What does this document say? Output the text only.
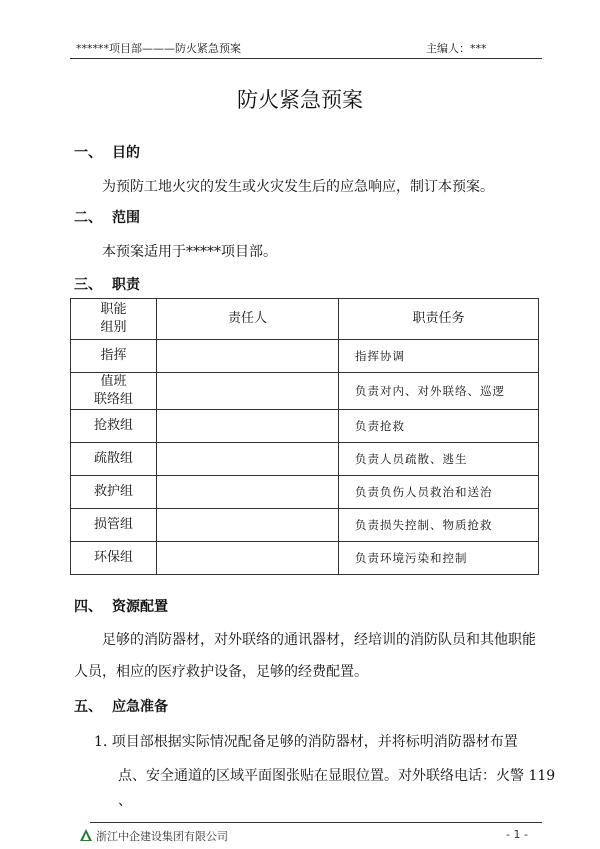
******项目部———防火紧急预案	主编人：***
防火紧急预案
一、 目的
为预防工地火灾的发生或火灾发生后的应急响应，制订本预案。
二、 范围
本预案适用于*****项目部。
三、 职责
职能
组别	责任人	职责任务
指挥		指挥协调

值班
联络组		负责对内、对外联络、巡逻
抢救组		负责抢救
疏散组		负责人员疏散、逃生
救护组		负责负伤人员救治和送治
损管组		负责损失控制、物质抢救
环保组		负责环境污染和控制
四、 资源配置
足够的消防器材，对外联络的通讯器材，经培训的消防队员和其他职能
人员，相应的医疗救护设备，足够的经费配置。
五、 应急准备
1. 项目部根据实际情况配备足够的消防器材，并将标明消防器材布置
点、安全通道的区域平面图张贴在显眼位置。对外联络电话：火警 119
、
浙江中企建设集团有限公司	- 1 -
